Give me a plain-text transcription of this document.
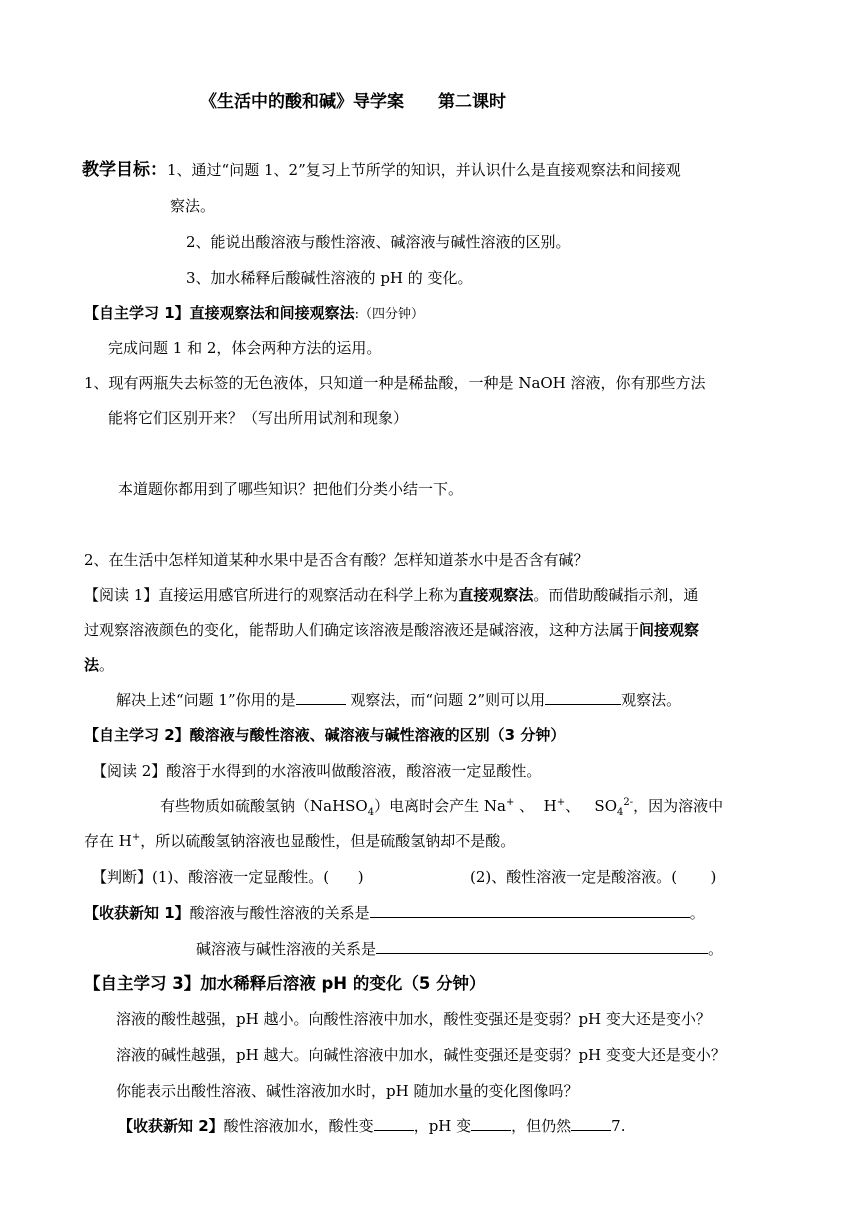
《生活中的酸和碱》导学案 第二课时
教学目标：1、通过“问题 1、2”复习上节所学的知识，并认识什么是直接观察法和间接观
察法。
2、能说出酸溶液与酸性溶液、碱溶液与碱性溶液的区别。
3、加水稀释后酸碱性溶液的 pH 的 变化。
【自主学习 1】直接观察法和间接观察法:（四分钟）
完成问题 1 和 2，体会两种方法的运用。
1、现有两瓶失去标签的无色液体，只知道一种是稀盐酸，一种是 NaOH 溶液，你有那些方法
能将它们区别开来？（写出所用试剂和现象）
本道题你都用到了哪些知识？把他们分类小结一下。
2、在生活中怎样知道某种水果中是否含有酸？怎样知道茶水中是否含有碱？
【阅读 1】直接运用感官所进行的观察活动在科学上称为直接观察法。而借助酸碱指示剂，通
过观察溶液颜色的变化，能帮助人们确定该溶液是酸溶液还是碱溶液，这种方法属于间接观察
法。
解决上述“问题 1”你用的是	观察法，而“问题 2”则可以用	观察法。
【自主学习 2】酸溶液与酸性溶液、碱溶液与碱性溶液的区别（3 分钟）
【阅读 2】酸溶于水得到的水溶液叫做酸溶液，酸溶液一定显酸性。
有些物质如硫酸氢钠（NaHSO$_4$）电离时会产生 Na+ 、  H+、   $SO_4^{2-}$，因为溶液中
存在 H+，所以硫酸氢钠溶液也显酸性，但是硫酸氢钠却不是酸。
【判断】(1)、酸溶液一定显酸性。(      )	(2)、酸性溶液一定是酸溶液。(       )
【收获新知 1】酸溶液与酸性溶液的关系是	。
碱溶液与碱性溶液的关系是	。
【自主学习 3】加水稀释后溶液 pH 的变化（5 分钟）
溶液的酸性越强，pH 越小。向酸性溶液中加水，酸性变强还是变弱？pH 变大还是变小？
溶液的碱性越强，pH 越大。向碱性溶液中加水，碱性变强还是变弱？pH 变变大还是变小？
你能表示出酸性溶液、碱性溶液加水时，pH 随加水量的变化图像吗？
【收获新知 2】酸性溶液加水，酸性变	，pH 变	，但仍然	7.
